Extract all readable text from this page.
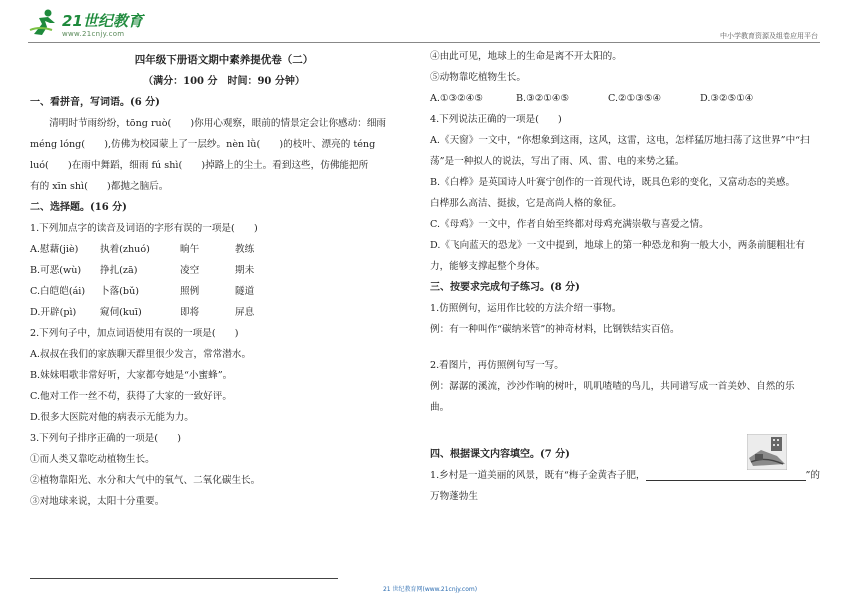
21世纪教育
www.21cnjy.com	中小学教育资源及组卷应用平台
四年级下册语文期中素养提优卷（二）
（满分：100 分　时间：90 分钟）
一、看拼音，写词语。(6 分)

清明时节雨纷纷，tōng ruò(　　)你用心观察，眼前的情景定会让你感动：细雨

méng lóng(　　),仿佛为校园蒙上了一层纱。nèn lǜ(　　)的枝叶、漂亮的 téng

luó(　　)在雨中舞蹈，细雨 fú shì(　　)掉路上的尘土。看到这些，仿佛能把所

有的 xīn shì(　　)都抛之脑后。

二、选择题。(16 分)

1.下列加点字的读音及词语的字形有误的一项是(　　)

A.慰藉(jiè)	执着(zhuó)	晌午	教练
B.可恶(wù)	挣扎(zā)	凌空	期未
C.白皑皑(ái)	卜落(bǔ)	照例	隧道
D.开辟(pì)	窥伺(kuī)	即将	屏息

2.下列句子中，加点词语使用有误的一项是(　　)

A.叔叔在我们的家族聊天群里很少发言，常常潜水。

B.妹妹唱歌非常好听，大家都夸她是“小蜜蜂”。

C.他对工作一丝不苟，获得了大家的一致好评。

D.很多大医院对他的病表示无能为力。

3.下列句子排序正确的一项是(　　)

①而人类又靠吃动植物生长。

②植物靠阳光、水分和大气中的氧气、二氧化碳生长。

③对地球来说，太阳十分重要。

④由此可见，地球上的生命是离不开太阳的。

⑤动物靠吃植物生长。

A.①③②④⑤	B.③②①④⑤	C.②①③⑤④	D.③②⑤①④

4.下列说法正确的一项是(　　)

A.《天窗》一文中，“你想象到这雨，这风，这雷，这电，怎样猛厉地扫荡了这世界”中“扫

荡”是一种拟人的说法，写出了雨、风、雷、电的来势之猛。

B.《白桦》是英国诗人叶赛宁创作的一首现代诗，既具色彩的变化，又富动态的美感。

白桦那么高洁、挺拔，它是高尚人格的象征。

C.《母鸡》一文中，作者自始至终都对母鸡充满崇敬与喜爱之情。

D.《飞向蓝天的恐龙》一文中提到，地球上的第一种恐龙和狗一般大小，两条前腿粗壮有

力，能够支撑起整个身体。

三、按要求完成句子练习。(8 分)

1.仿照例句，运用作比较的方法介绍一事物。

例：有一种叫作“碳纳米管”的神奇材料，比钢铁结实百倍。

2.看图片，再仿照例句写一写。

例：潺潺的溪流，沙沙作响的树叶，叽叽喳喳的鸟儿，共同谱写成一首美妙、自然的乐

曲。

四、根据课文内容填空。(7 分)

1.乡村是一道美丽的风景，既有“梅子金黄杏子肥，	”的万物蓬勃生

21 世纪教育网(www.21cnjy.com)
